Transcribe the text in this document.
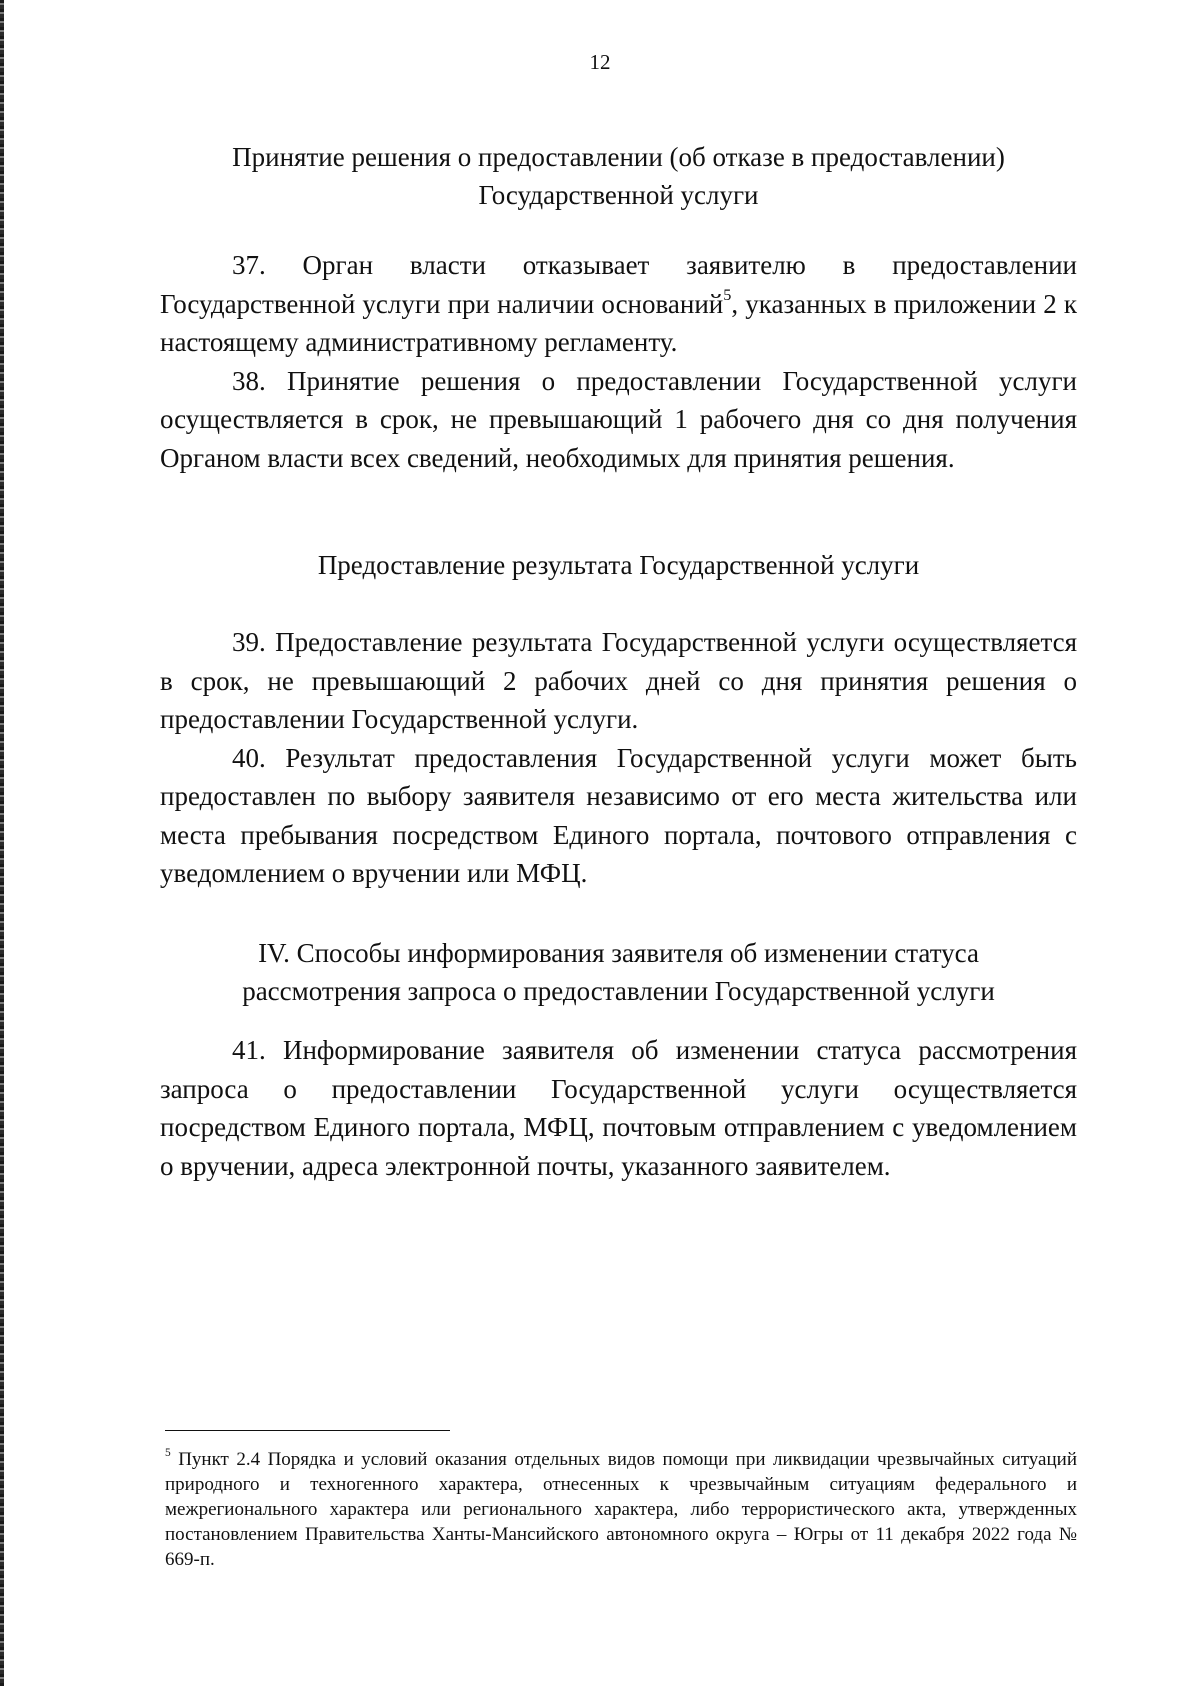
12
Принятие решения о предоставлении (об отказе в предоставлении)
Государственной услуги

37. Орган власти отказывает заявителю в предоставлении Государственной услуги при наличии оснований$^5$, указанных в приложении 2 к настоящему административному регламенту.

38. Принятие решения о предоставлении Государственной услуги осуществляется в срок, не превышающий 1 рабочего дня со дня получения Органом власти всех сведений, необходимых для принятия решения.

Предоставление результата Государственной услуги

39. Предоставление результата Государственной услуги осуществляется в срок, не превышающий 2 рабочих дней со дня принятия решения о предоставлении Государственной услуги.

40. Результат предоставления Государственной услуги может быть предоставлен по выбору заявителя независимо от его места жительства или места пребывания посредством Единого портала, почтового отправления с уведомлением о вручении или МФЦ.

IV. Способы информирования заявителя об изменении статуса
рассмотрения запроса о предоставлении Государственной услуги

41. Информирование заявителя об изменении статуса рассмотрения запроса о предоставлении Государственной услуги осуществляется посредством Единого портала, МФЦ, почтовым отправлением с уведомлением о вручении, адреса электронной почты, указанного заявителем.

$^5$ Пункт 2.4 Порядка и условий оказания отдельных видов помощи при ликвидации чрезвычайных ситуаций природного и техногенного характера, отнесенных к чрезвычайным ситуациям федерального и межрегионального характера или регионального характера, либо террористического акта, утвержденных постановлением Правительства Ханты-Мансийского автономного округа – Югры от 11 декабря 2022 года № 669-п.
